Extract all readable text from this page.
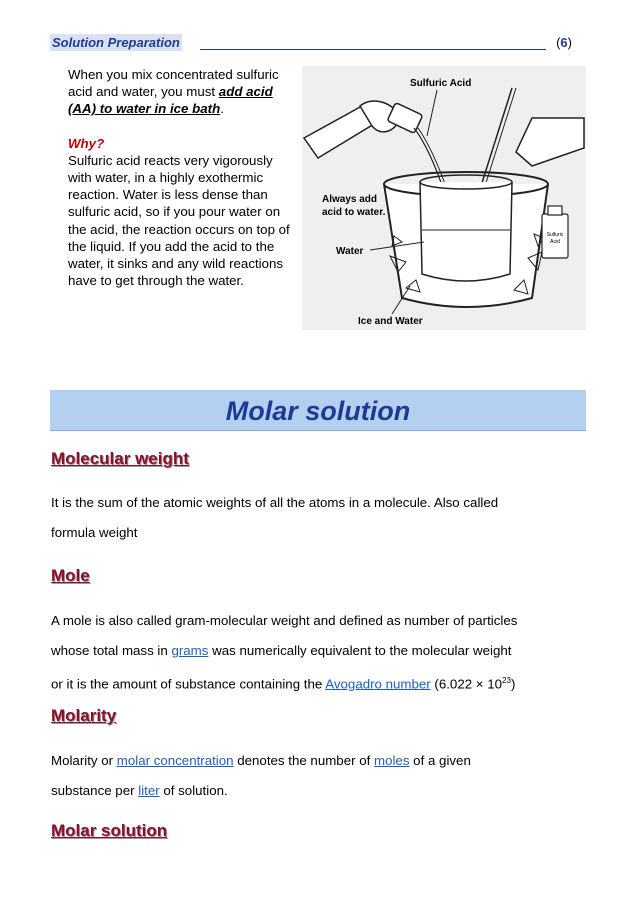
Solution Preparation	(6)

When you mix concentrated sulfuric acid and water, you must add acid (AA) to water in ice bath.

Why?

Sulfuric acid reacts very vigorously with water, in a highly exothermic reaction. Water is less dense than sulfuric acid, so if you pour water on the acid, the reaction occurs on top of the liquid. If you add the acid to the water, it sinks and any wild reactions have to get through the water.

Sulfuric
Acid
Sulfuric Acid
Always add
acid to water.
Water
Ice and Water
Molar solution
Molecular weight

It is the sum of the atomic weights of all the atoms in a molecule. Also called

formula weight

Mole

A mole is also called gram-molecular weight and defined as number of particles

whose total mass in grams was numerically equivalent to the molecular weight

or it is the amount of substance containing the Avogadro number $(6.022 \times 10^{23})$

Molarity

Molarity or molar concentration denotes the number of moles of a given

substance per liter of solution.

Molar solution
